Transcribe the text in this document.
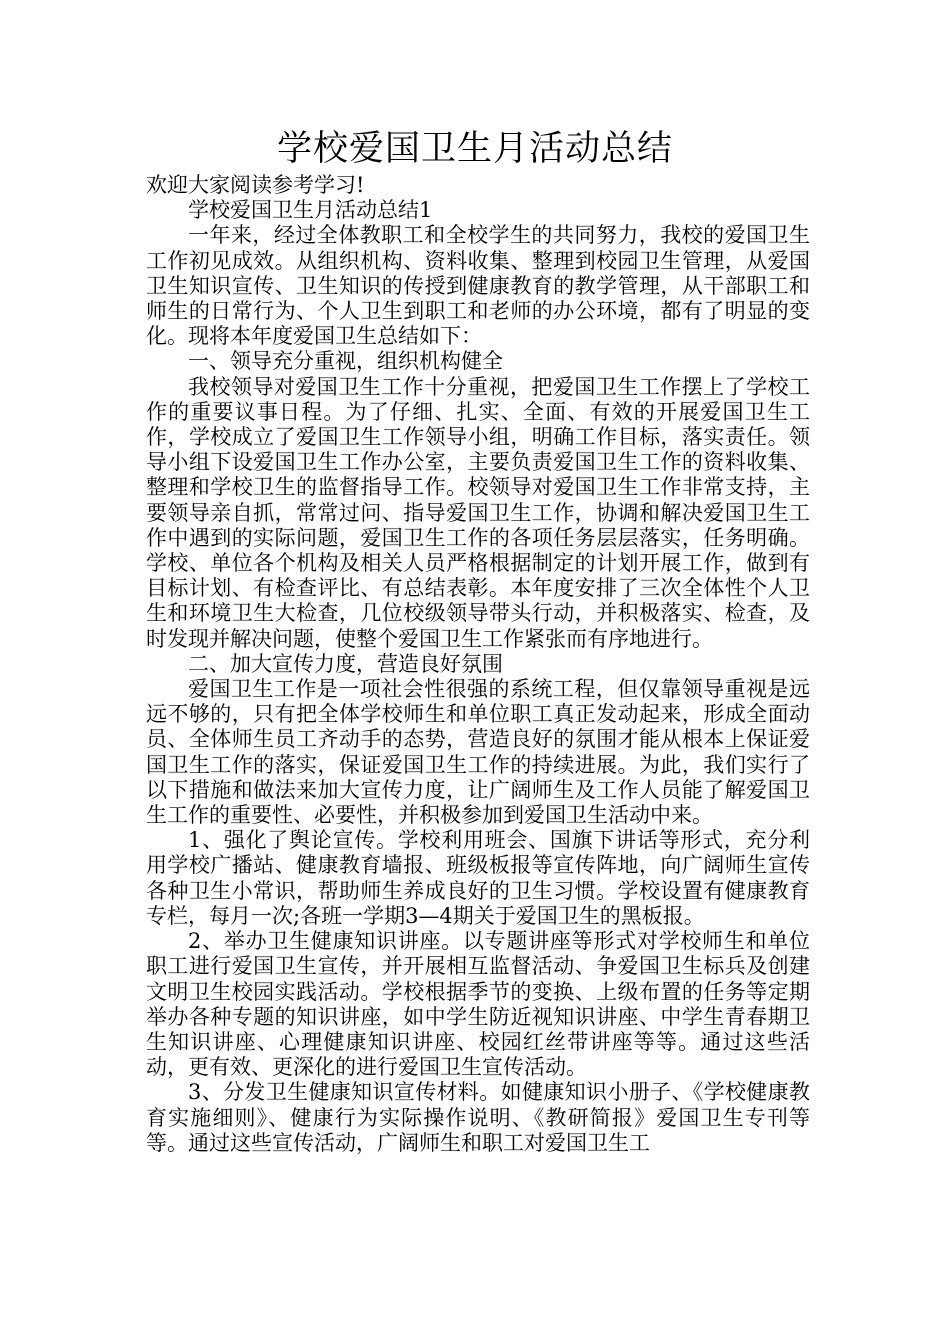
学校爱国卫生月活动总结

欢迎大家阅读参考学习!

学校爱国卫生月活动总结1

一年来，经过全体教职工和全校学生的共同努力，我校的爱国卫生工作初见成效。从组织机构、资料收集、整理到校园卫生管理，从爱国卫生知识宣传、卫生知识的传授到健康教育的教学管理，从干部职工和师生的日常行为、个人卫生到职工和老师的办公环境，都有了明显的变化。现将本年度爱国卫生总结如下：

一、领导充分重视，组织机构健全

我校领导对爱国卫生工作十分重视，把爱国卫生工作摆上了学校工作的重要议事日程。为了仔细、扎实、全面、有效的开展爱国卫生工作，学校成立了爱国卫生工作领导小组，明确工作目标，落实责任。领导小组下设爱国卫生工作办公室，主要负责爱国卫生工作的资料收集、整理和学校卫生的监督指导工作。校领导对爱国卫生工作非常支持，主要领导亲自抓，常常过问、指导爱国卫生工作，协调和解决爱国卫生工作中遇到的实际问题，爱国卫生工作的各项任务层层落实，任务明确。学校、单位各个机构及相关人员严格根据制定的计划开展工作，做到有目标计划、有检查评比、有总结表彰。本年度安排了三次全体性个人卫生和环境卫生大检查，几位校级领导带头行动，并积极落实、检查，及时发现并解决问题，使整个爱国卫生工作紧张而有序地进行。

二、加大宣传力度，营造良好氛围

爱国卫生工作是一项社会性很强的系统工程，但仅靠领导重视是远远不够的，只有把全体学校师生和单位职工真正发动起来，形成全面动员、全体师生员工齐动手的态势，营造良好的氛围才能从根本上保证爱国卫生工作的落实，保证爱国卫生工作的持续进展。为此，我们实行了以下措施和做法来加大宣传力度，让广阔师生及工作人员能了解爱国卫生工作的重要性、必要性，并积极参加到爱国卫生活动中来。

1、强化了舆论宣传。学校利用班会、国旗下讲话等形式，充分利用学校广播站、健康教育墙报、班级板报等宣传阵地，向广阔师生宣传各种卫生小常识，帮助师生养成良好的卫生习惯。学校设置有健康教育专栏，每月一次;各班一学期3—4期关于爱国卫生的黑板报。

2、举办卫生健康知识讲座。以专题讲座等形式对学校师生和单位职工进行爱国卫生宣传，并开展相互监督活动、争爱国卫生标兵及创建文明卫生校园实践活动。学校根据季节的变换、上级布置的任务等定期举办各种专题的知识讲座，如中学生防近视知识讲座、中学生青春期卫生知识讲座、心理健康知识讲座、校园红丝带讲座等等。通过这些活动，更有效、更深化的进行爱国卫生宣传活动。

3、分发卫生健康知识宣传材料。如健康知识小册子、《学校健康教育实施细则》、健康行为实际操作说明、《教研简报》爱国卫生专刊等等。通过这些宣传活动，广阔师生和职工对爱国卫生工
